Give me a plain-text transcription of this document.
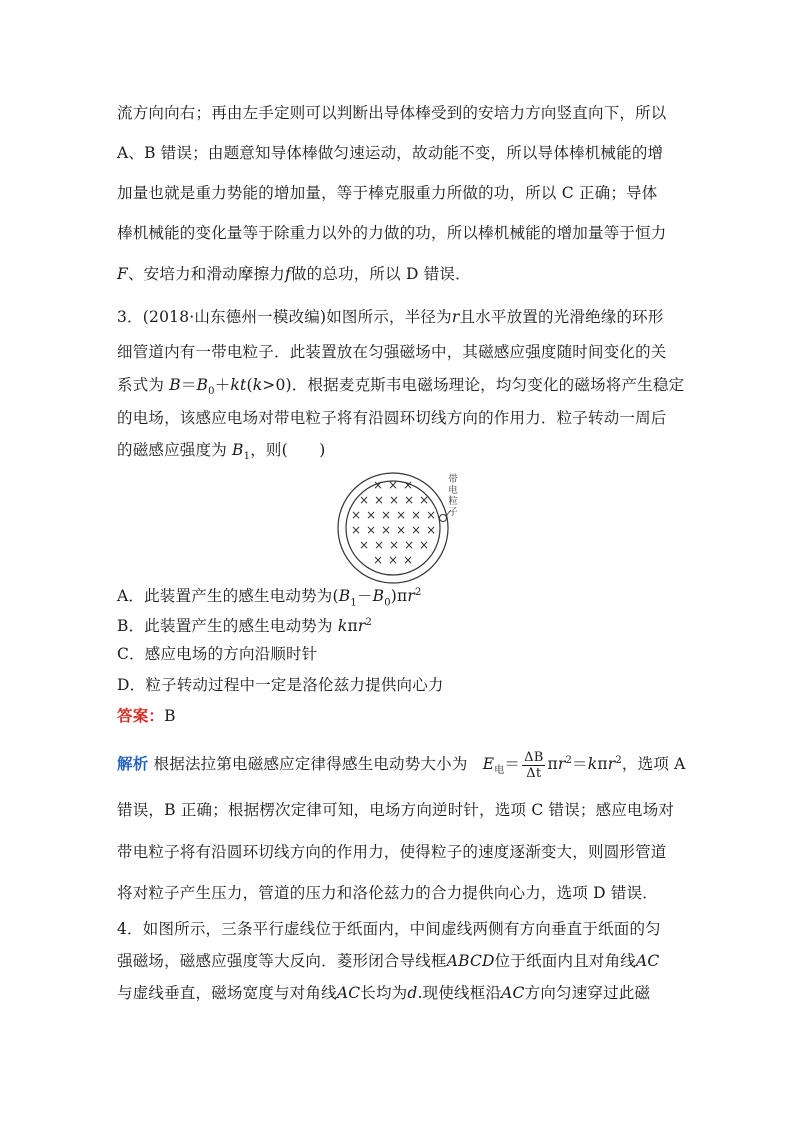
流方向向右；再由左手定则可以判断出导体棒受到的安培力方向竖直向下，所以
A、B 错误；由题意知导体棒做匀速运动，故动能不变，所以导体棒机械能的增
加量也就是重力势能的增加量，等于棒克服重力所做的功，所以 C 正确；导体
棒机械能的变化量等于除重力以外的力做的功，所以棒机械能的增加量等于恒力
F、安培力和滑动摩擦力f做的总功，所以 D 错误．
3．(2018·山东德州一模改编)如图所示，半径为r且水平放置的光滑绝缘的环形
细管道内有一带电粒子．此装置放在匀强磁场中，其磁感应强度随时间变化的关
系式为 $B=B_0+kt(k>0)$．根据麦克斯韦电磁场理论，均匀变化的磁场将产生稳定
的电场，该感应电场对带电粒子将有沿圆环切线方向的作用力．粒子转动一周后
的磁感应强度为 $B_1$，则(　　)
× × ×
× × × × ×
× × × × × ×
× × × × × ×
× × × × ×
× × ×
带
电
粒
子
A．此装置产生的感生电动势为$(B_1-B_0)\pi r^2$
B．此装置产生的感生电动势为 kπr$^2$
C．感应电场的方向沿顺时针
D．粒子转动过程中一定是洛伦兹力提供向心力
答案：B
解析 根据法拉第电磁感应定律得感生电动势大小为 $E_电= \frac{\Delta B}{\Delta t} \pi r^2=k\pi r^2$，选项 A
错误，B 正确；根据楞次定律可知，电场方向逆时针，选项 C 错误；感应电场对
带电粒子将有沿圆环切线方向的作用力，使得粒子的速度逐渐变大，则圆形管道
将对粒子产生压力，管道的压力和洛伦兹力的合力提供向心力，选项 D 错误．
4．如图所示，三条平行虚线位于纸面内，中间虚线两侧有方向垂直于纸面的匀
强磁场，磁感应强度等大反向．菱形闭合导线框ABCD位于纸面内且对角线AC
与虚线垂直，磁场宽度与对角线AC长均为d.现使线框沿AC方向匀速穿过此磁
